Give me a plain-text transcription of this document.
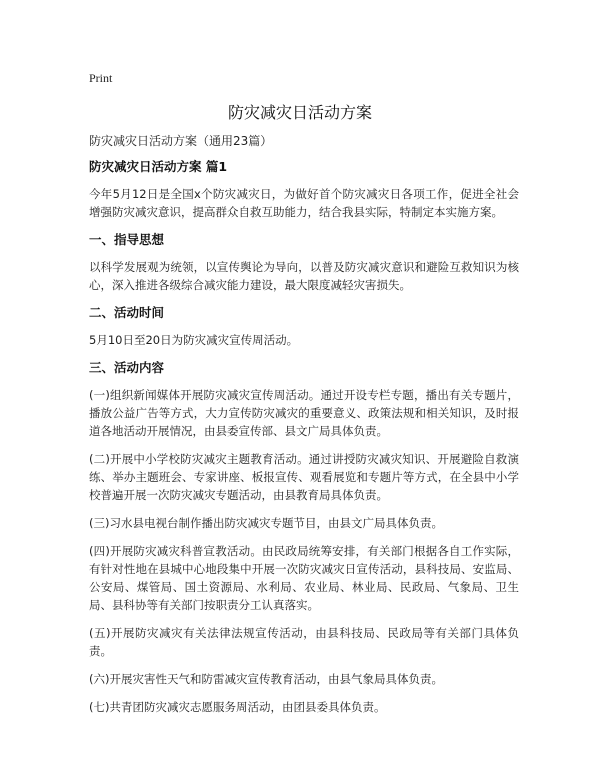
Print
防灾减灾日活动方案
防灾减灾日活动方案（通用23篇）
防灾减灾日活动方案 篇1

今年5月12日是全国x个防灾减灾日，为做好首个防灾减灾日各项工作，促进全社会增强防灾减灾意识，提高群众自救互助能力，结合我县实际，特制定本实施方案。

一、指导思想

以科学发展观为统领，以宣传舆论为导向，以普及防灾减灾意识和避险互救知识为核心，深入推进各级综合减灾能力建设，最大限度减轻灾害损失。

二、活动时间

5月10日至20日为防灾减灾宣传周活动。

三、活动内容

(一)组织新闻媒体开展防灾减灾宣传周活动。通过开设专栏专题，播出有关专题片，播放公益广告等方式，大力宣传防灾减灾的重要意义、政策法规和相关知识，及时报道各地活动开展情况，由县委宣传部、县文广局具体负责。

(二)开展中小学校防灾减灾主题教育活动。通过讲授防灾减灾知识、开展避险自救演练、举办主题班会、专家讲座、板报宣传、观看展览和专题片等方式，在全县中小学校普遍开展一次防灾减灾专题活动，由县教育局具体负责。

(三)习水县电视台制作播出防灾减灾专题节目，由县文广局具体负责。

(四)开展防灾减灾科普宣教活动。由民政局统筹安排，有关部门根据各自工作实际，有针对性地在县城中心地段集中开展一次防灾减灾日宣传活动，县科技局、安监局、公安局、煤管局、国土资源局、水利局、农业局、林业局、民政局、气象局、卫生局、县科协等有关部门按职责分工认真落实。

(五)开展防灾减灾有关法律法规宣传活动，由县科技局、民政局等有关部门具体负责。

(六)开展灾害性天气和防雷减灾宣传教育活动，由县气象局具体负责。

(七)共青团防灾减灾志愿服务周活动，由团县委具体负责。
